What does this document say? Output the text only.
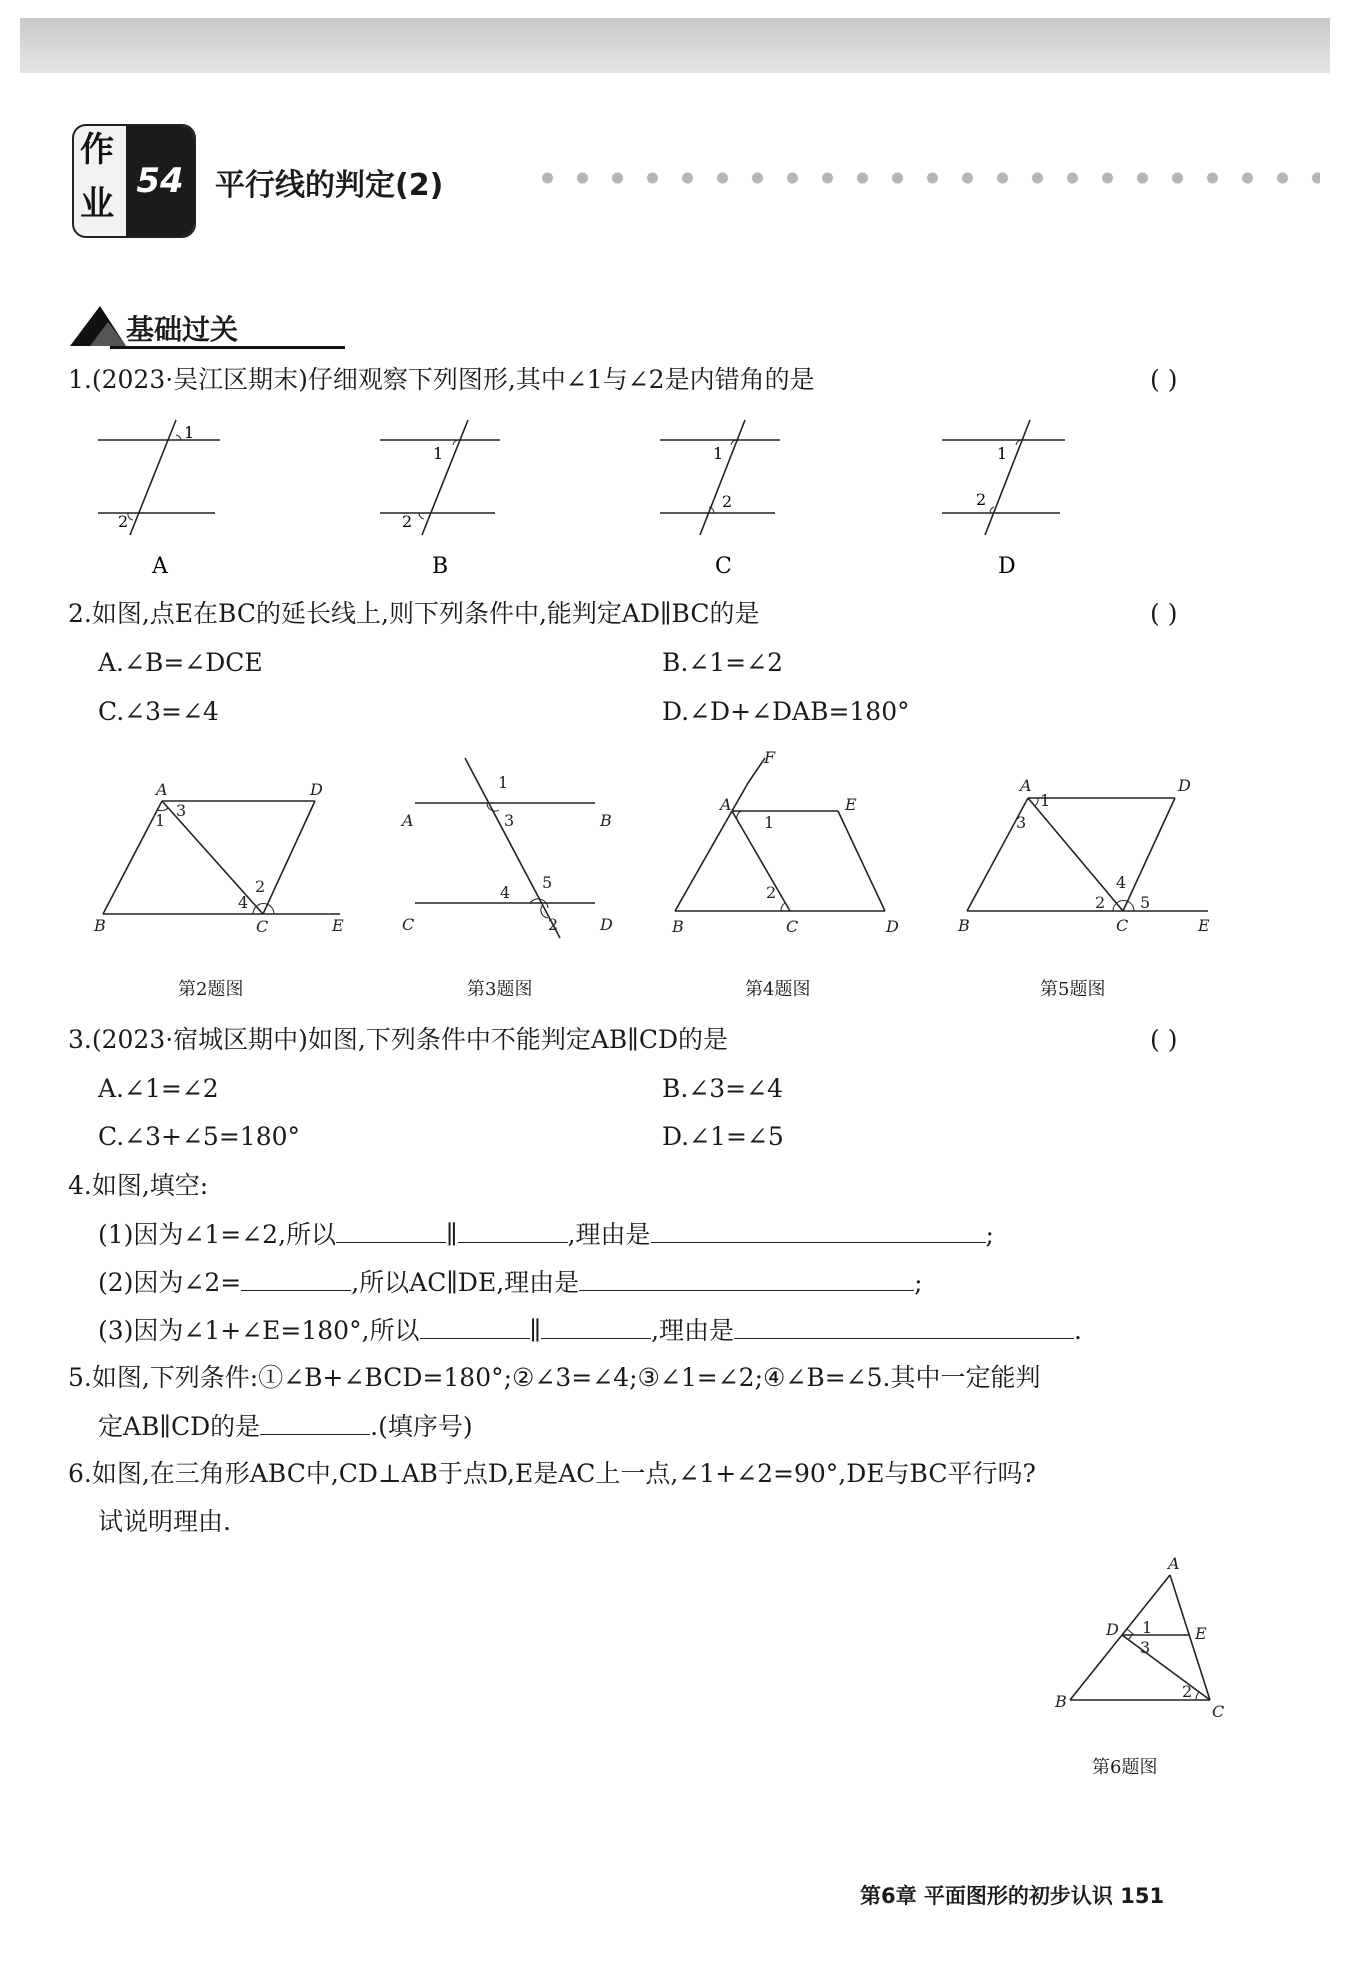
作
业
54	平行线的判定(2)
基础过关
1.(2023·吴江区期末)仔细观察下列图形,其中∠1与∠2是内错角的是	( )
1
2
A
1
2
B
1
2
C
1
2
D
2.如图,点E在BC的延长线上,则下列条件中,能判定AD∥BC的是	( )
A.∠B=∠DCE	B.∠1=∠2
C.∠3=∠4	D.∠D+∠DAB=180°
A	D
B	C	E
1
3
2
4
A	B
C	D
1
3
4
5
2
F
A	E
B	C	D
1
2
A	D
B	C	E
1
3
4
2 5
第2题图	第3题图	第4题图	第5题图
3.(2023·宿城区期中)如图,下列条件中不能判定AB∥CD的是	( )
A.∠1=∠2	B.∠3=∠4
C.∠3+∠5=180°	D.∠1=∠5
4.如图,填空:
(1)因为∠1=∠2,所以	∥	,理由是	;
(2)因为∠2=	,所以AC∥DE,理由是	;
(3)因为∠1+∠E=180°,所以	∥	,理由是	.
5.如图,下列条件:①∠B+∠BCD=180°;②∠3=∠4;③∠1=∠2;④∠B=∠5.其中一定能判
定AB∥CD的是	.(填序号)
6.如图,在三角形ABC中,CD⊥AB于点D,E是AC上一点,∠1+∠2=90°,DE与BC平行吗?
试说明理由.
A
D	E
B
C
1
3
2
第6题图
第6章 平面图形的初步认识 151
